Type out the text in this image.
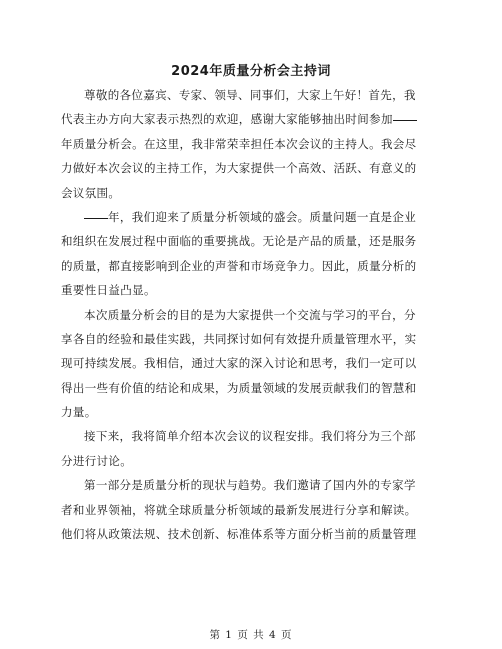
2024年质量分析会主持词
尊敬的各位嘉宾、专家、领导、同事们，大家上午好！首先，我
代表主办方向大家表示热烈的欢迎，感谢大家能够抽出时间参加
年质量分析会。在这里，我非常荣幸担任本次会议的主持人。我会尽
力做好本次会议的主持工作，为大家提供一个高效、活跃、有意义的
会议氛围。
年，我们迎来了质量分析领域的盛会。质量问题一直是企业
和组织在发展过程中面临的重要挑战。无论是产品的质量，还是服务
的质量，都直接影响到企业的声誉和市场竞争力。因此，质量分析的
重要性日益凸显。
本次质量分析会的目的是为大家提供一个交流与学习的平台，分
享各自的经验和最佳实践，共同探讨如何有效提升质量管理水平，实
现可持续发展。我相信，通过大家的深入讨论和思考，我们一定可以
得出一些有价值的结论和成果，为质量领域的发展贡献我们的智慧和
力量。
接下来，我将简单介绍本次会议的议程安排。我们将分为三个部
分进行讨论。
第一部分是质量分析的现状与趋势。我们邀请了国内外的专家学
者和业界领袖，将就全球质量分析领域的最新发展进行分享和解读。
他们将从政策法规、技术创新、标准体系等方面分析当前的质量管理
第 1 页 共 4 页
